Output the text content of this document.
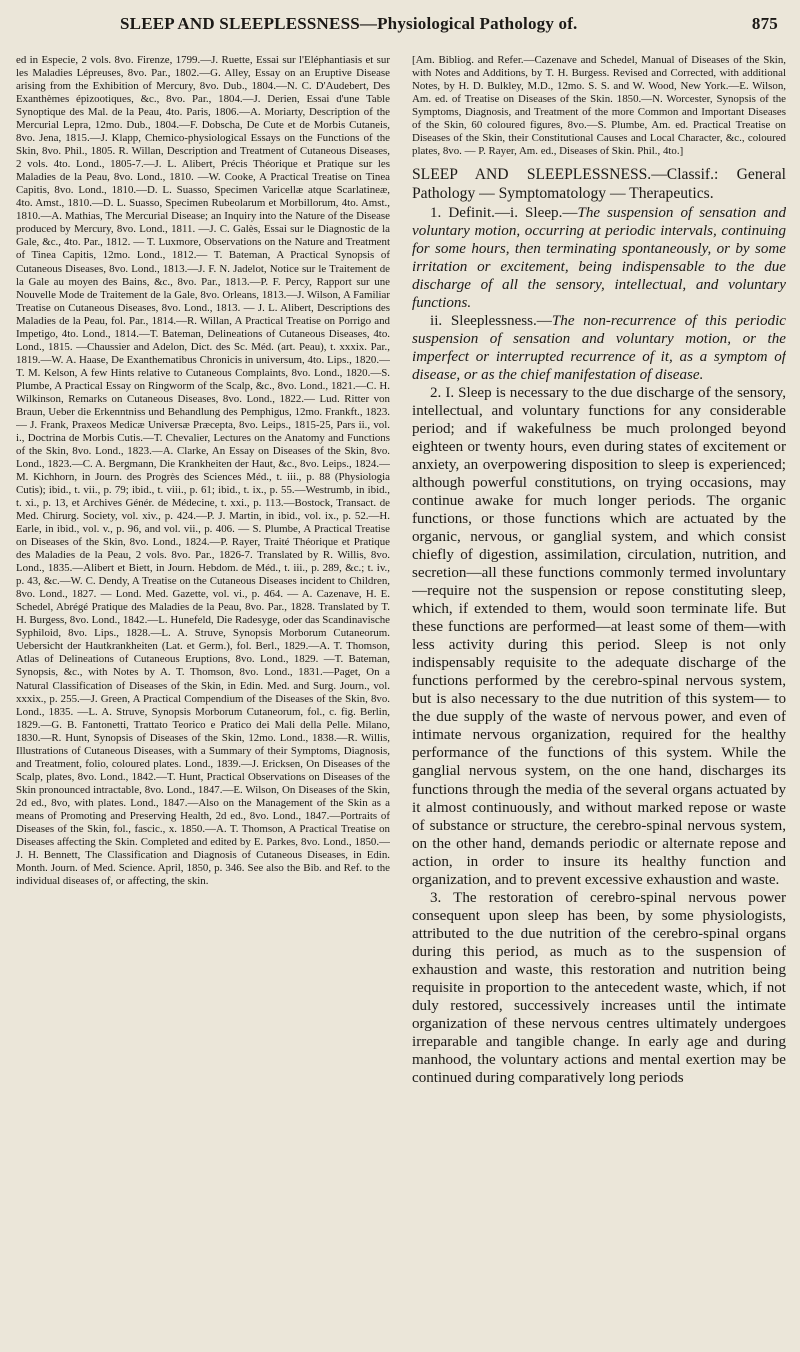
SLEEP AND SLEEPLESSNESS—Physiological Pathology of.	875
ed in Especie, 2 vols. 8vo. Firenze, 1799.—J. Ruette, Essai sur l'Eléphantiasis et sur les Maladies Lépreuses, 8vo. Par., 1802.—G. Alley, Essay on an Eruptive Disease arising from the Exhibition of Mercury, 8vo. Dub., 1804.—N. C. D'Audebert, Des Exanthèmes épizootiques, &c., 8vo. Par., 1804.—J. Derien, Essai d'une Table Synoptique des Mal. de la Peau, 4to. Paris, 1806.—A. Moriarty, Description of the Mercurial Lepra, 12mo. Dub., 1804.—F. Dobscha, De Cute et de Morbis Cutaneis, 8vo. Jena, 1815.—J. Klapp, Chemico-physiological Essays on the Functions of the Skin, 8vo. Phil., 1805. R. Willan, Description and Treatment of Cutaneous Diseases, 2 vols. 4to. Lond., 1805-7.—J. L. Alibert, Précis Théorique et Pratique sur les Maladies de la Peau, 8vo. Lond., 1810. —W. Cooke, A Practical Treatise on Tinea Capitis, 8vo. Lond., 1810.—D. L. Suasso, Specimen Varicellæ atque Scarlatineæ, 4to. Amst., 1810.—D. L. Suasso, Specimen Rubeolarum et Morbillorum, 4to. Amst., 1810.—A. Mathias, The Mercurial Disease; an Inquiry into the Nature of the Disease produced by Mercury, 8vo. Lond., 1811. —J. C. Galès, Essai sur le Diagnostic de la Gale, &c., 4to. Par., 1812. — T. Luxmore, Observations on the Nature and Treatment of Tinea Capitis, 12mo. Lond., 1812.— T. Bateman, A Practical Synopsis of Cutaneous Diseases, 8vo. Lond., 1813.—J. F. N. Jadelot, Notice sur le Traitement de la Gale au moyen des Bains, &c., 8vo. Par., 1813.—P. F. Percy, Rapport sur une Nouvelle Mode de Traitement de la Gale, 8vo. Orleans, 1813.—J. Wilson, A Familiar Treatise on Cutaneous Diseases, 8vo. Lond., 1813. — J. L. Alibert, Descriptions des Maladies de la Peau, fol. Par., 1814.—R. Willan, A Practical Treatise on Porrigo and Impetigo, 4to. Lond., 1814.—T. Bateman, Delineations of Cutaneous Diseases, 4to. Lond., 1815. —Chaussier and Adelon, Dict. des Sc. Méd. (art. Peau), t. xxxix. Par., 1819.—W. A. Haase, De Exanthematibus Chronicis in universum, 4to. Lips., 1820.—T. M. Kelson, A few Hints relative to Cutaneous Complaints, 8vo. Lond., 1820.—S. Plumbe, A Practical Essay on Ringworm of the Scalp, &c., 8vo. Lond., 1821.—C. H. Wilkinson, Remarks on Cutaneous Diseases, 8vo. Lond., 1822.— Lud. Ritter von Braun, Ueber die Erkenntniss und Behandlung des Pemphigus, 12mo. Frankft., 1823. — J. Frank, Praxeos Medicæ Universæ Præcepta, 8vo. Leips., 1815-25, Pars ii., vol. i., Doctrina de Morbis Cutis.—T. Chevalier, Lectures on the Anatomy and Functions of the Skin, 8vo. Lond., 1823.—A. Clarke, An Essay on Diseases of the Skin, 8vo. Lond., 1823.—C. A. Bergmann, Die Krankheiten der Haut, &c., 8vo. Leips., 1824.—M. Kichhorn, in Journ. des Progrès des Sciences Méd., t. iii., p. 88 (Physiologia Cutis); ibid., t. vii., p. 79; ibid., t. viii., p. 61; ibid., t. ix., p. 55.—Westrumb, in ibid., t. xi., p. 13, et Archives Génér. de Médecine, t. xxi., p. 113.—Bostock, Transact. de Med. Chirurg. Society, vol. xiv., p. 424.—P. J. Martin, in ibid., vol. ix., p. 52.—H. Earle, in ibid., vol. v., p. 96, and vol. vii., p. 406. — S. Plumbe, A Practical Treatise on Diseases of the Skin, 8vo. Lond., 1824.—P. Rayer, Traité Théorique et Pratique des Maladies de la Peau, 2 vols. 8vo. Par., 1826-7. Translated by R. Willis, 8vo. Lond., 1835.—Alibert et Biett, in Journ. Hebdom. de Méd., t. iii., p. 289, &c.; t. iv., p. 43, &c.—W. C. Dendy, A Treatise on the Cutaneous Diseases incident to Children, 8vo. Lond., 1827. — Lond. Med. Gazette, vol. vi., p. 464. — A. Cazenave, H. E. Schedel, Abrégé Pratique des Maladies de la Peau, 8vo. Par., 1828. Translated by T. H. Burgess, 8vo. Lond., 1842.—L. Hunefeld, Die Radesyge, oder das Scandinavische Syphiloid, 8vo. Lips., 1828.—L. A. Struve, Synopsis Morborum Cutaneorum. Uebersicht der Hautkrankheiten (Lat. et Germ.), fol. Berl., 1829.—A. T. Thomson, Atlas of Delineations of Cutaneous Eruptions, 8vo. Lond., 1829. —T. Bateman, Synopsis, &c., with Notes by A. T. Thomson, 8vo. Lond., 1831.—Paget, On a Natural Classification of Diseases of the Skin, in Edin. Med. and Surg. Journ., vol. xxxix., p. 255.—J. Green, A Practical Compendium of the Diseases of the Skin, 8vo. Lond., 1835. —L. A. Struve, Synopsis Morborum Cutaneorum, fol., c. fig. Berlin, 1829.—G. B. Fantonetti, Trattato Teorico e Pratico dei Mali della Pelle. Milano, 1830.—R. Hunt, Synopsis of Diseases of the Skin, 12mo. Lond., 1838.—R. Willis, Illustrations of Cutaneous Diseases, with a Summary of their Symptoms, Diagnosis, and Treatment, folio, coloured plates. Lond., 1839.—J. Ericksen, On Diseases of the Scalp, plates, 8vo. Lond., 1842.—T. Hunt, Practical Observations on Diseases of the Skin pronounced intractable, 8vo. Lond., 1847.—E. Wilson, On Diseases of the Skin, 2d ed., 8vo, with plates. Lond., 1847.—Also on the Management of the Skin as a means of Promoting and Preserving Health, 2d ed., 8vo. Lond., 1847.—Portraits of Diseases of the Skin, fol., fascic., x. 1850.—A. T. Thomson, A Practical Treatise on Diseases affecting the Skin. Completed and edited by E. Parkes, 8vo. Lond., 1850.—J. H. Bennett, The Classification and Diagnosis of Cutaneous Diseases, in Edin. Month. Journ. of Med. Science. April, 1850, p. 346. See also the Bib. and Ref. to the individual diseases of, or affecting, the skin.
[Am. Bibliog. and Refer.—Cazenave and Schedel, Manual of Diseases of the Skin, with Notes and Additions, by T. H. Burgess. Revised and Corrected, with additional Notes, by H. D. Bulkley, M.D., 12mo. S. S. and W. Wood, New York.—E. Wilson, Am. ed. of Treatise on Diseases of the Skin. 1850.—N. Worcester, Synopsis of the Symptoms, Diagnosis, and Treatment of the more Common and Important Diseases of the Skin, 60 coloured figures, 8vo.—S. Plumbe, Am. ed. Practical Treatise on Diseases of the Skin, their Constitutional Causes and Local Character, &c., coloured plates, 8vo. — P. Rayer, Am. ed., Diseases of Skin. Phil., 4to.]
SLEEP AND SLEEPLESSNESS.—Classif.: General Pathology — Symptomatology — Therapeutics.

1. Definit.—i. Sleep.—The suspension of sensation and voluntary motion, occurring at periodic intervals, continuing for some hours, then terminating spontaneously, or by some irritation or excitement, being indispensable to the due discharge of all the sensory, intellectual, and voluntary functions.

ii. Sleeplessness.—The non-recurrence of this periodic suspension of sensation and voluntary motion, or the imperfect or interrupted recurrence of it, as a symptom of disease, or as the chief manifestation of disease.

2. I. Sleep is necessary to the due discharge of the sensory, intellectual, and voluntary functions for any considerable period; and if wakefulness be much prolonged beyond eighteen or twenty hours, even during states of excitement or anxiety, an overpowering disposition to sleep is experienced; although powerful constitutions, on trying occasions, may continue awake for much longer periods. The organic functions, or those functions which are actuated by the organic, nervous, or ganglial system, and which consist chiefly of digestion, assimilation, circulation, nutrition, and secretion—all these functions commonly termed involuntary—require not the suspension or repose constituting sleep, which, if extended to them, would soon terminate life. But these functions are performed—at least some of them—with less activity during this period. Sleep is not only indispensably requisite to the adequate discharge of the functions performed by the cerebro-spinal nervous system, but is also necessary to the due nutrition of this system— to the due supply of the waste of nervous power, and even of intimate nervous organization, required for the healthy performance of the functions of this system. While the ganglial nervous system, on the one hand, discharges its functions through the media of the several organs actuated by it almost continuously, and without marked repose or waste of substance or structure, the cerebro-spinal nervous system, on the other hand, demands periodic or alternate repose and action, in order to insure its healthy function and organization, and to prevent excessive exhaustion and waste.

3. The restoration of cerebro-spinal nervous power consequent upon sleep has been, by some physiologists, attributed to the due nutrition of the cerebro-spinal organs during this period, as much as to the suspension of exhaustion and waste, this restoration and nutrition being requisite in proportion to the antecedent waste, which, if not duly restored, successively increases until the intimate organization of these nervous centres ultimately undergoes irreparable and tangible change. In early age and during manhood, the voluntary actions and mental exertion may be continued during comparatively long periods
